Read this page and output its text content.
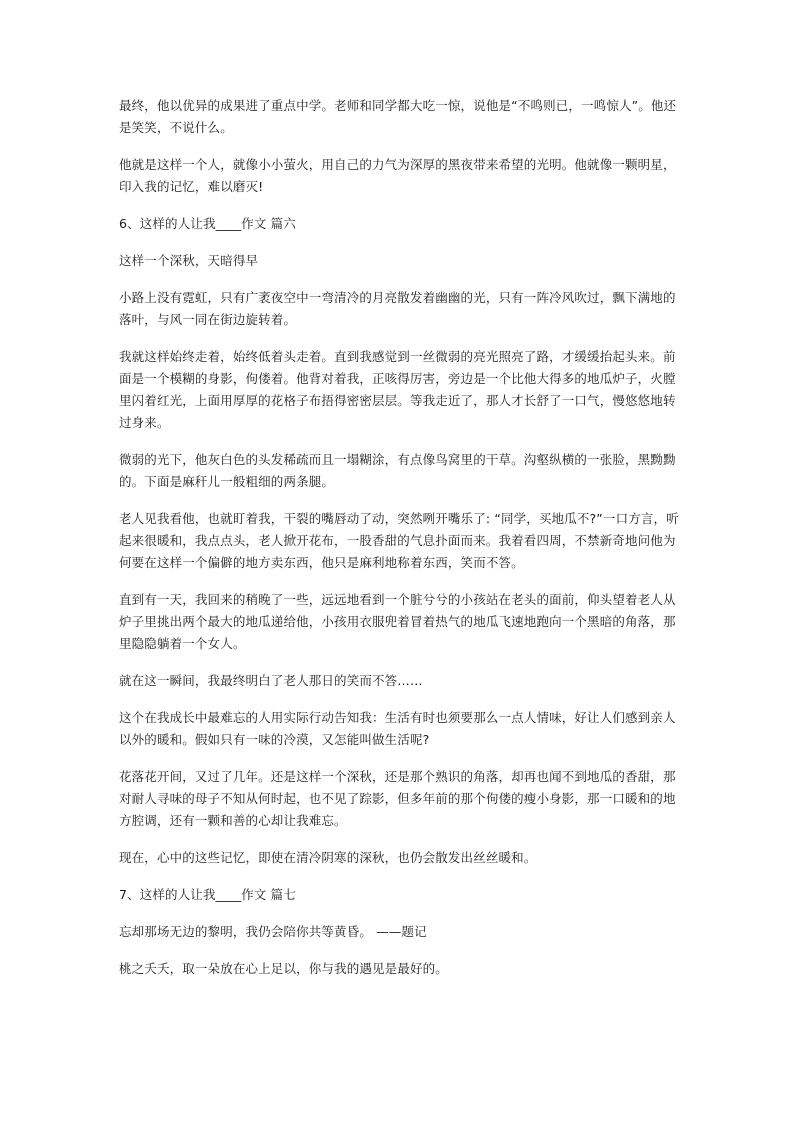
最终，他以优异的成果进了重点中学。老师和同学都大吃一惊，说他是“不鸣则已，一鸣惊人”。他还是笑笑，不说什么。

他就是这样一个人，就像小小萤火，用自己的力气为深厚的黑夜带来希望的光明。他就像一颗明星，印入我的记忆，难以磨灭!

6、这样的人让我____作文 篇六

这样一个深秋，天暗得早

小路上没有霓虹，只有广袤夜空中一弯清冷的月亮散发着幽幽的光，只有一阵冷风吹过，飘下满地的落叶，与风一同在街边旋转着。

我就这样始终走着，始终低着头走着。直到我感觉到一丝微弱的亮光照亮了路，才缓缓抬起头来。前面是一个模糊的身影，佝偻着。他背对着我，正咳得厉害，旁边是一个比他大得多的地瓜炉子，火膛里闪着红光，上面用厚厚的花格子布捂得密密层层。等我走近了，那人才长舒了一口气，慢悠悠地转过身来。

微弱的光下，他灰白色的头发稀疏而且一塌糊涂，有点像鸟窝里的干草。沟壑纵横的一张脸，黑黝黝的。下面是麻秆儿一般粗细的两条腿。

老人见我看他，也就盯着我，干裂的嘴唇动了动，突然咧开嘴乐了: “同学，买地瓜不?”一口方言，听起来很暖和，我点点头，老人掀开花布，一股香甜的气息扑面而来。我着看四周，不禁新奇地问他为何要在这样一个偏僻的地方卖东西，他只是麻利地称着东西，笑而不答。

直到有一天，我回来的稍晚了一些，远远地看到一个脏兮兮的小孩站在老头的面前，仰头望着老人从炉子里挑出两个最大的地瓜递给他，小孩用衣服兜着冒着热气的地瓜飞速地跑向一个黑暗的角落，那里隐隐躺着一个女人。

就在这一瞬间，我最终明白了老人那日的笑而不答……

这个在我成长中最难忘的人用实际行动告知我：生活有时也须要那么一点人情味，好让人们感到亲人以外的暖和。假如只有一味的冷漠，又怎能叫做生活呢?

花落花开间，又过了几年。还是这样一个深秋，还是那个熟识的角落，却再也闻不到地瓜的香甜，那对耐人寻味的母子不知从何时起，也不见了踪影，但多年前的那个佝偻的瘦小身影，那一口暖和的地方腔调，还有一颗和善的心却让我难忘。

现在，心中的这些记忆，即使在清冷阴寒的深秋，也仍会散发出丝丝暖和。

7、这样的人让我____作文 篇七

忘却那场无边的黎明，我仍会陪你共等黄昏。 ——题记

桃之夭夭，取一朵放在心上足以，你与我的遇见是最好的。
